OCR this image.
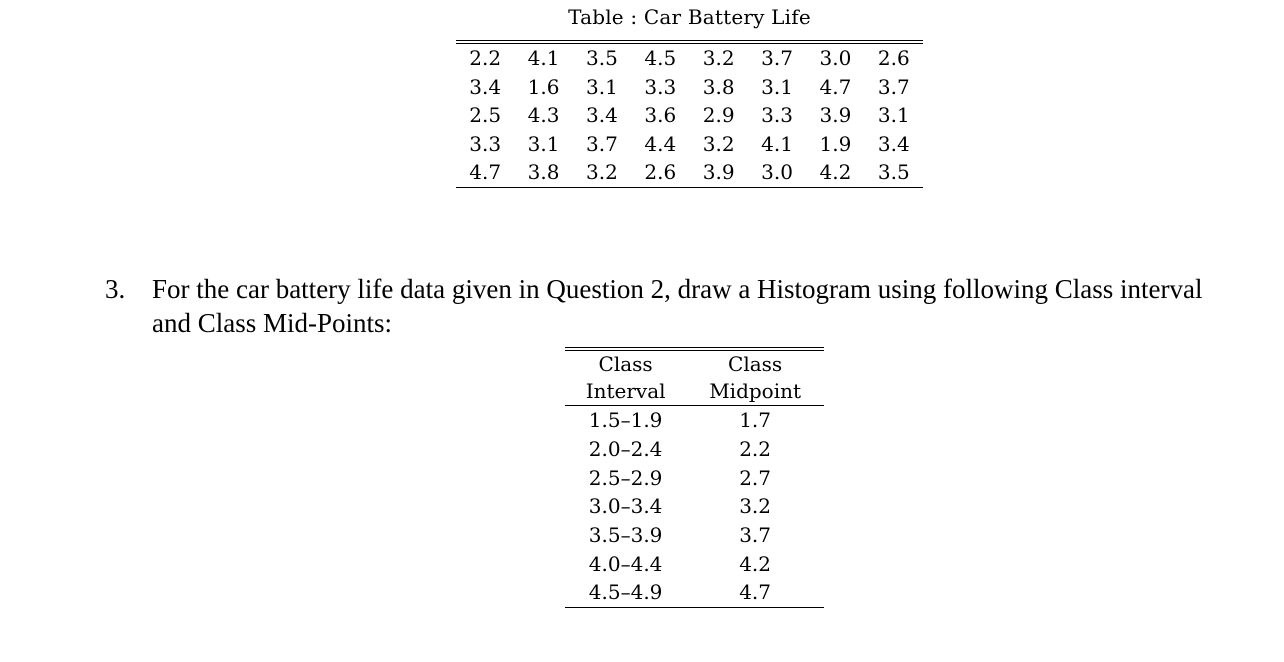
Table : Car Battery Life
2.2	4.1	3.5	4.5	3.2	3.7	3.0	2.6
3.4	1.6	3.1	3.3	3.8	3.1	4.7	3.7
2.5	4.3	3.4	3.6	2.9	3.3	3.9	3.1
3.3	3.1	3.7	4.4	3.2	4.1	1.9	3.4
4.7	3.8	3.2	2.6	3.9	3.0	4.2	3.5
3. For the car battery life data given in Question 2, draw a Histogram using following Class interval and Class Mid-Points:
Class	Class
Interval	Midpoint
1.5–1.9	1.7
2.0–2.4	2.2
2.5–2.9	2.7
3.0–3.4	3.2
3.5–3.9	3.7
4.0–4.4	4.2
4.5–4.9	4.7
